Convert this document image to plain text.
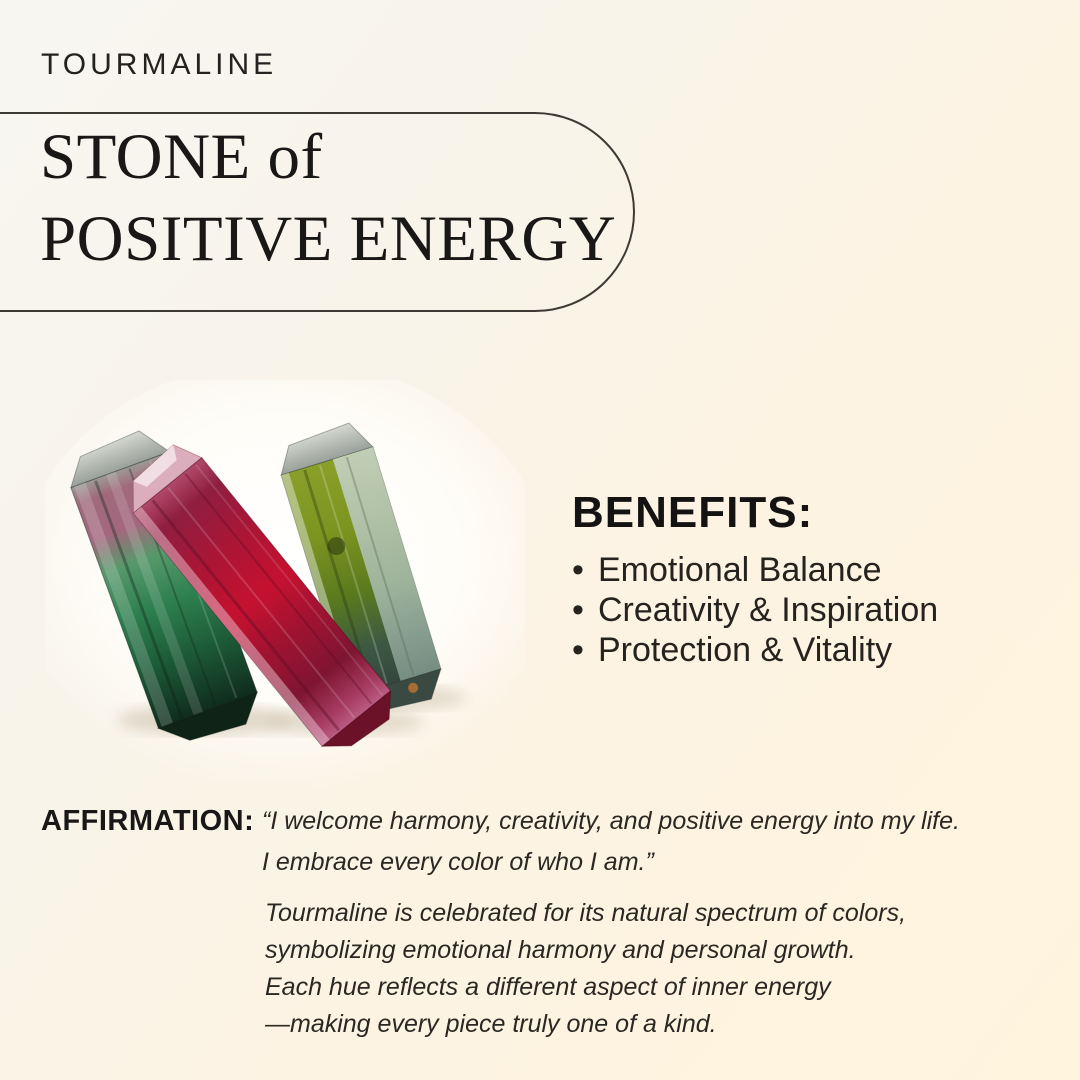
TOURMALINE
STONE of
POSITIVE ENERGY
BENEFITS:
• Emotional Balance
• Creativity & Inspiration
• Protection & Vitality
AFFIRMATION: “I welcome harmony, creativity, and positive energy into my life.
I embrace every color of who I am.”

Tourmaline is celebrated for its natural spectrum of colors,
symbolizing emotional harmony and personal growth.
Each hue reflects a different aspect of inner energy
—making every piece truly one of a kind.
